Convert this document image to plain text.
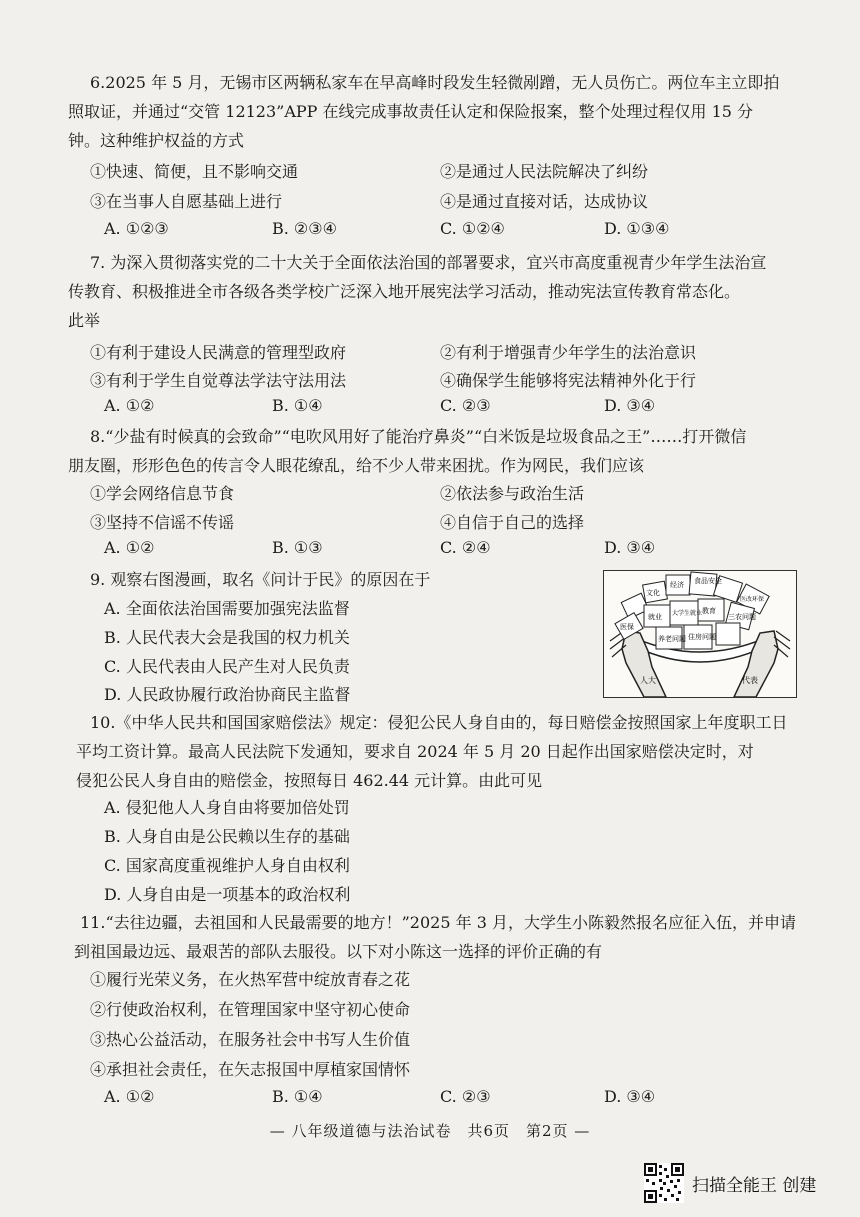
6.2025 年 5 月，无锡市区两辆私家车在早高峰时段发生轻微剐蹭，无人员伤亡。两位车主立即拍
照取证，并通过“交管 12123”APP 在线完成事故责任认定和保险报案，整个处理过程仅用 15 分
钟。这种维护权益的方式
①快速、简便，且不影响交通	②是通过人民法院解决了纠纷
③在当事人自愿基础上进行	④是通过直接对话，达成协议
A. ①②③	B. ②③④	C. ①②④	D. ①③④
7. 为深入贯彻落实党的二十大关于全面依法治国的部署要求，宜兴市高度重视青少年学生法治宣
传教育、积极推进全市各级各类学校广泛深入地开展宪法学习活动，推动宪法宣传教育常态化。
此举
①有利于建设人民满意的管理型政府	②有利于增强青少年学生的法治意识
③有利于学生自觉尊法学法守法用法	④确保学生能够将宪法精神外化于行
A. ①②	B. ①④	C. ②③	D. ③④
8.“少盐有时候真的会致命”“电吹风用好了能治疗鼻炎”“白米饭是垃圾食品之王”……打开微信
朋友圈，形形色色的传言令人眼花缭乱，给不少人带来困扰。作为网民，我们应该
①学会网络信息节食	②依法参与政治生活
③坚持不信谣不传谣	④自信于自己的选择
A. ①②	B. ①③	C. ②④	D. ③④
9. 观察右图漫画，取名《问计于民》的原因在于
A. 全面依法治国需要加强宪法监督
B. 人民代表大会是我国的权力机关
C. 人民代表由人民产生对人民负责
D. 人民政协履行政治协商民主监督
经济 食品安全
文化
医改环保
医保
就业 大学生就业 教育
三农问题
养老问题 住房问题
人大	代表
10.《中华人民共和国国家赔偿法》规定：侵犯公民人身自由的，每日赔偿金按照国家上年度职工日
平均工资计算。最高人民法院下发通知，要求自 2024 年 5 月 20 日起作出国家赔偿决定时，对
侵犯公民人身自由的赔偿金，按照每日 462.44 元计算。由此可见
A. 侵犯他人人身自由将要加倍处罚
B. 人身自由是公民赖以生存的基础
C. 国家高度重视维护人身自由权利
D. 人身自由是一项基本的政治权利
11.“去往边疆，去祖国和人民最需要的地方！”2025 年 3 月，大学生小陈毅然报名应征入伍，并申请
到祖国最边远、最艰苦的部队去服役。以下对小陈这一选择的评价正确的有
①履行光荣义务，在火热军营中绽放青春之花
②行使政治权利，在管理国家中坚守初心使命
③热心公益活动，在服务社会中书写人生价值
④承担社会责任，在矢志报国中厚植家国情怀
A. ①②	B. ①④	C. ②③	D. ③④
— 八年级道德与法治试卷　共6页　第2页 —
扫描全能王 创建
